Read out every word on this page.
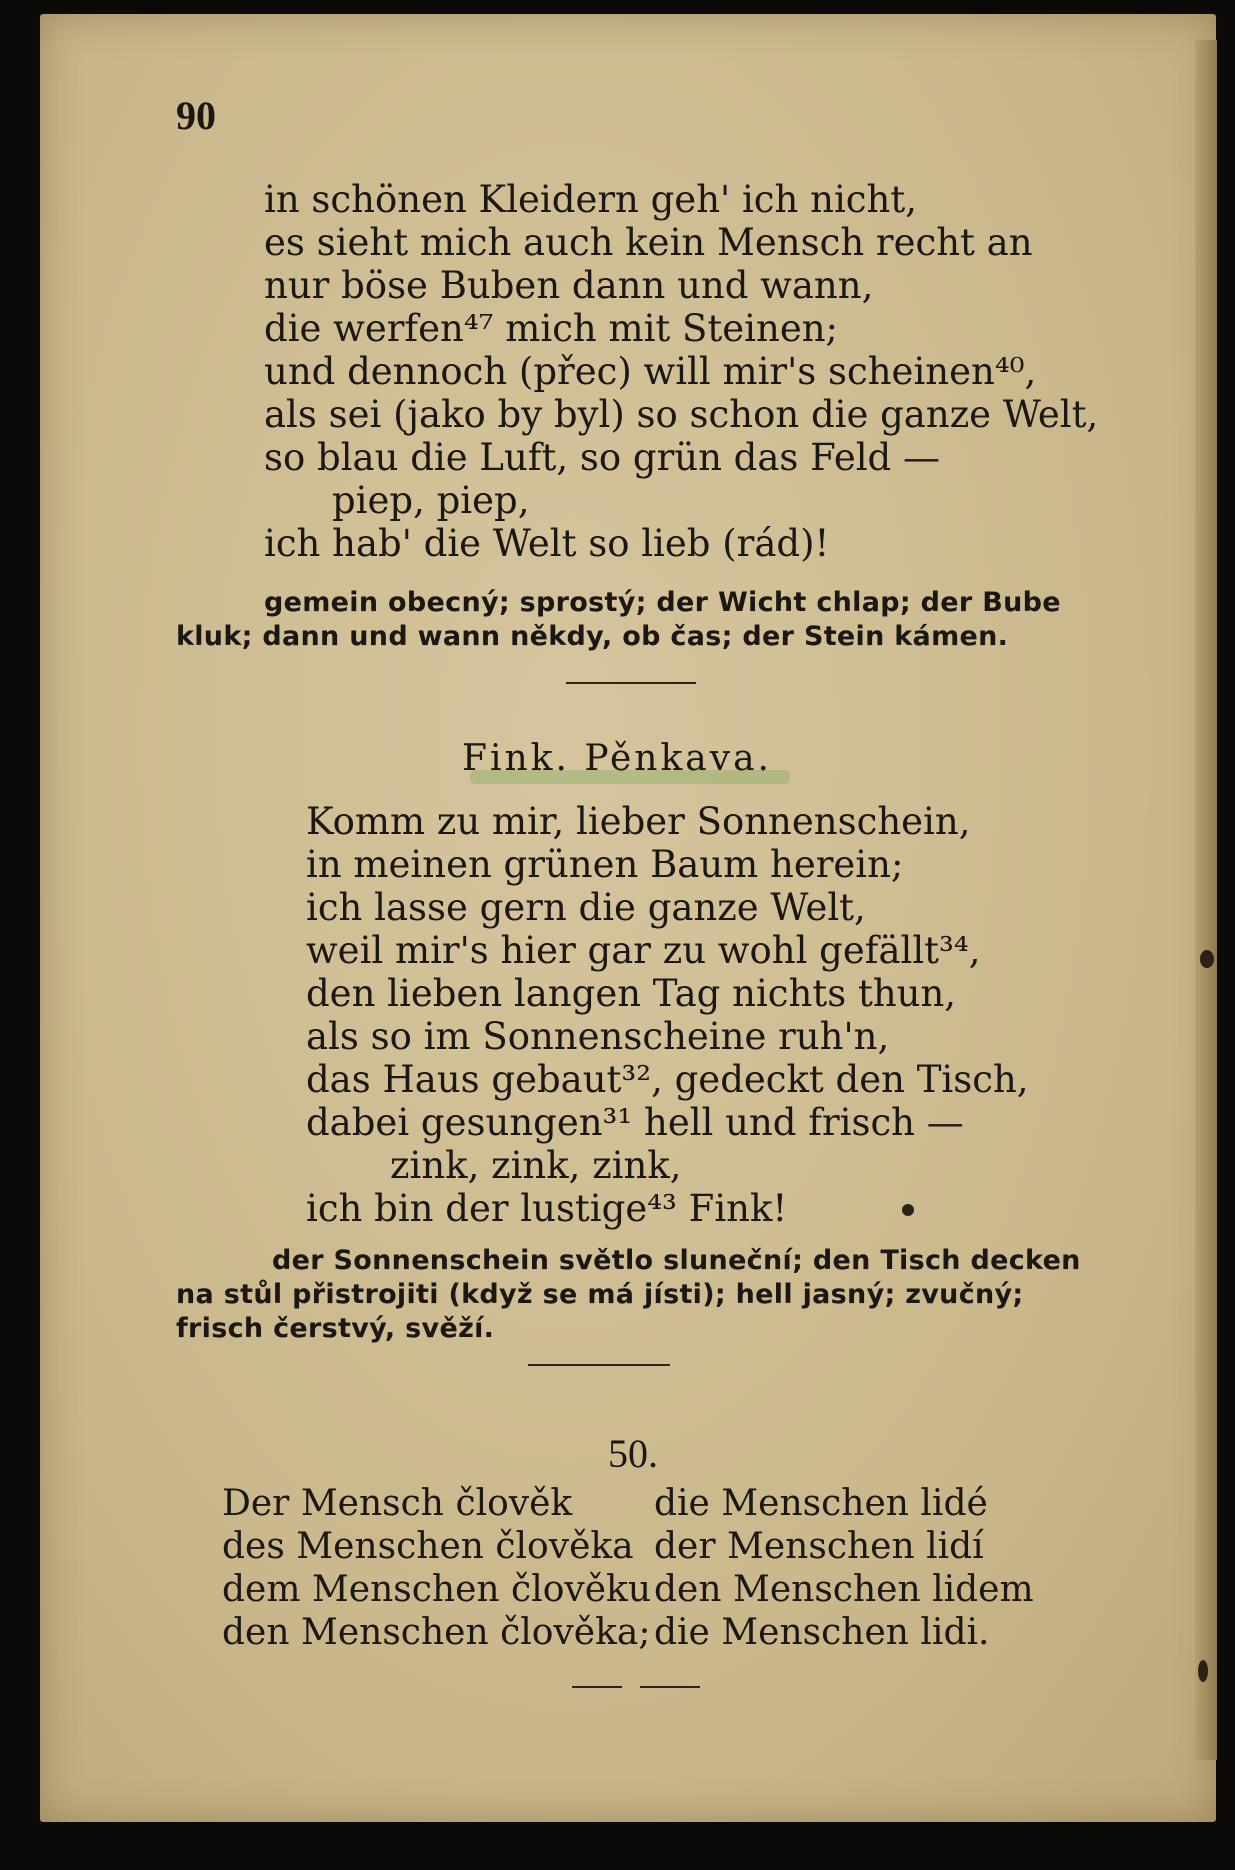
90
in schönen Kleidern geh' ich nicht,
es sieht mich auch kein Mensch recht an
nur böse Buben dann und wann,
die werfen⁴⁷ mich mit Steinen;
und dennoch (přec) will mir's scheinen⁴⁰,
als sei (jako by byl) so schon die ganze Welt,
so blau die Luft, so grün das Feld —
piep, piep,
ich hab' die Welt so lieb (rád)!
gemein obecný; sprostý; der Wicht chlap; der Bube kluk; dann und wann někdy, ob čas; der Stein kámen.
Fink. Pěnkava.
Komm zu mir, lieber Sonnenschein,
in meinen grünen Baum herein;
ich lasse gern die ganze Welt,
weil mir's hier gar zu wohl gefällt³⁴,
den lieben langen Tag nichts thun,
als so im Sonnenscheine ruh'n,
das Haus gebaut³², gedeckt den Tisch,
dabei gesungen³¹ hell und frisch —
zink, zink, zink,
ich bin der lustige⁴³ Fink!
der Sonnenschein světlo sluneční; den Tisch decken na stůl přistrojiti (když se má jísti); hell jasný; zvučný; frisch čerstvý, svěží.
50.
Der Mensch člověk
des Menschen člověka
dem Menschen člověku
den Menschen člověka;
die Menschen lidé
der Menschen lidí
den Menschen lidem
die Menschen lidi.
